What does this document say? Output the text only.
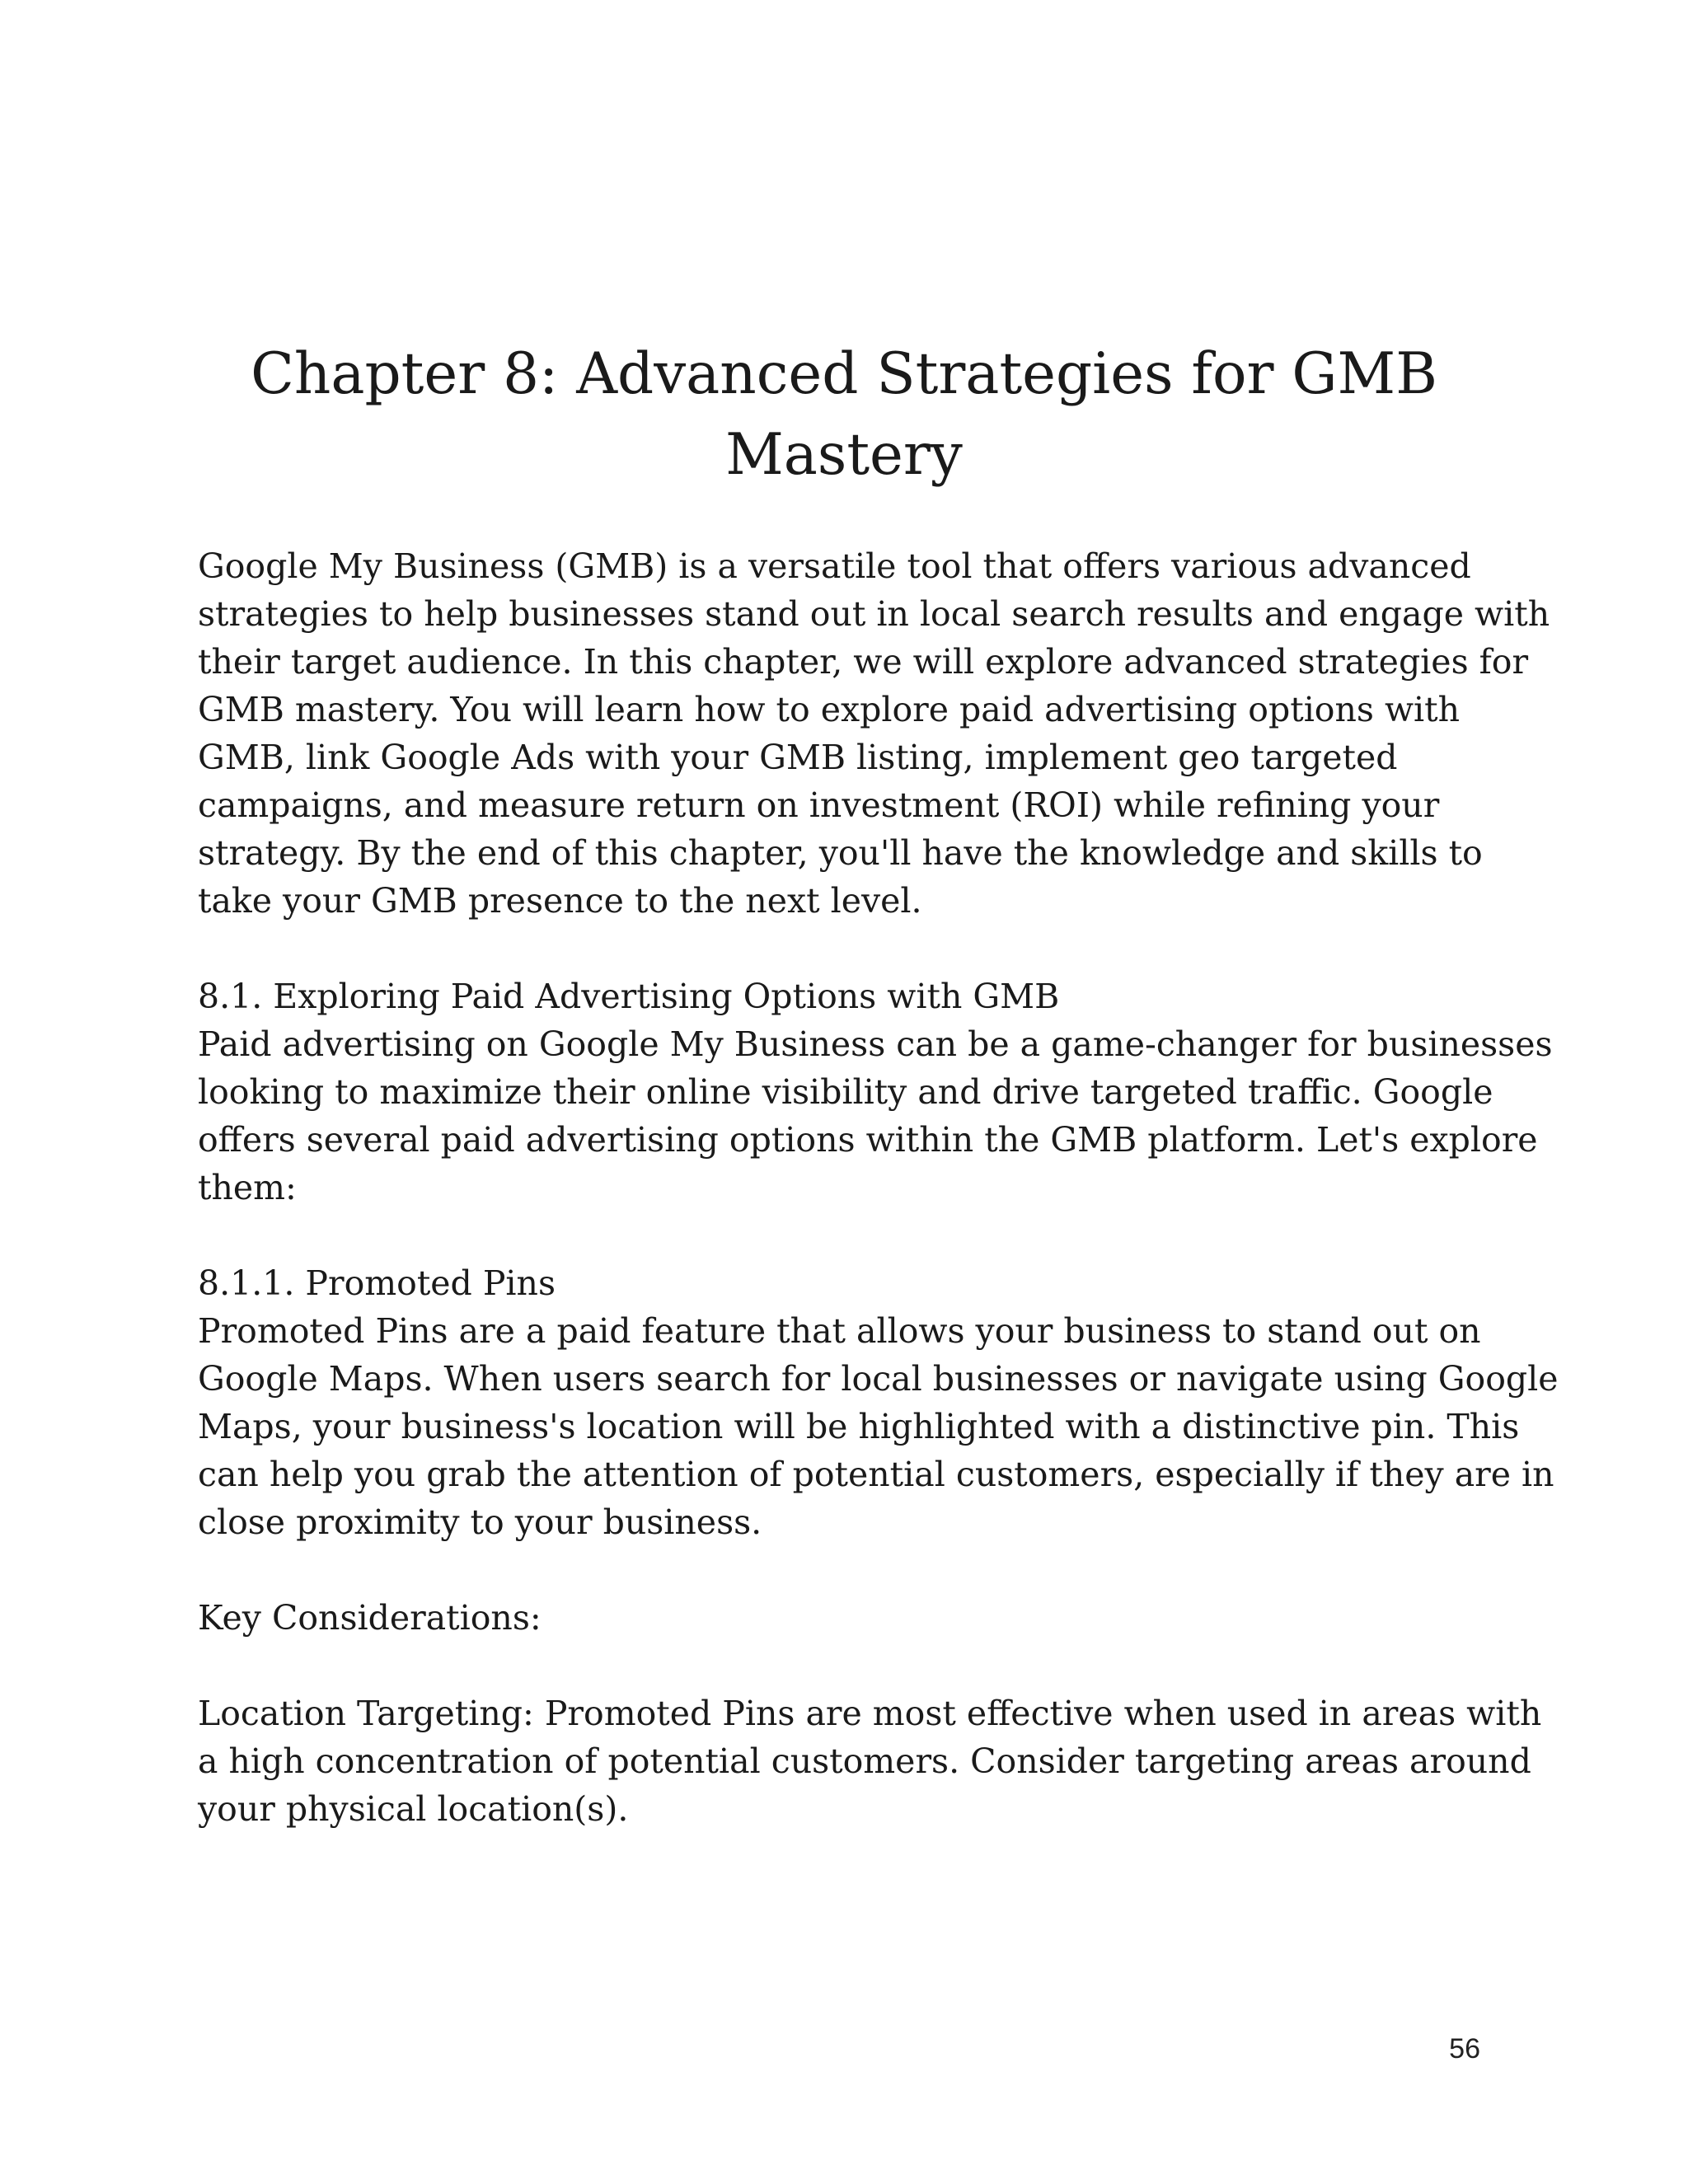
Chapter 8: Advanced Strategies for GMB
Mastery

Google My Business (GMB) is a versatile tool that offers various advanced
strategies to help businesses stand out in local search results and engage with
their target audience. In this chapter, we will explore advanced strategies for
GMB mastery. You will learn how to explore paid advertising options with
GMB, link Google Ads with your GMB listing, implement geo targeted
campaigns, and measure return on investment (ROI) while refining your
strategy. By the end of this chapter, you'll have the knowledge and skills to
take your GMB presence to the next level.

8.1. Exploring Paid Advertising Options with GMB
Paid advertising on Google My Business can be a game-changer for businesses
looking to maximize their online visibility and drive targeted traffic. Google
offers several paid advertising options within the GMB platform. Let's explore
them:

8.1.1. Promoted Pins
Promoted Pins are a paid feature that allows your business to stand out on
Google Maps. When users search for local businesses or navigate using Google
Maps, your business's location will be highlighted with a distinctive pin. This
can help you grab the attention of potential customers, especially if they are in
close proximity to your business.

Key Considerations:

Location Targeting: Promoted Pins are most effective when used in areas with
a high concentration of potential customers. Consider targeting areas around
your physical location(s).

56
